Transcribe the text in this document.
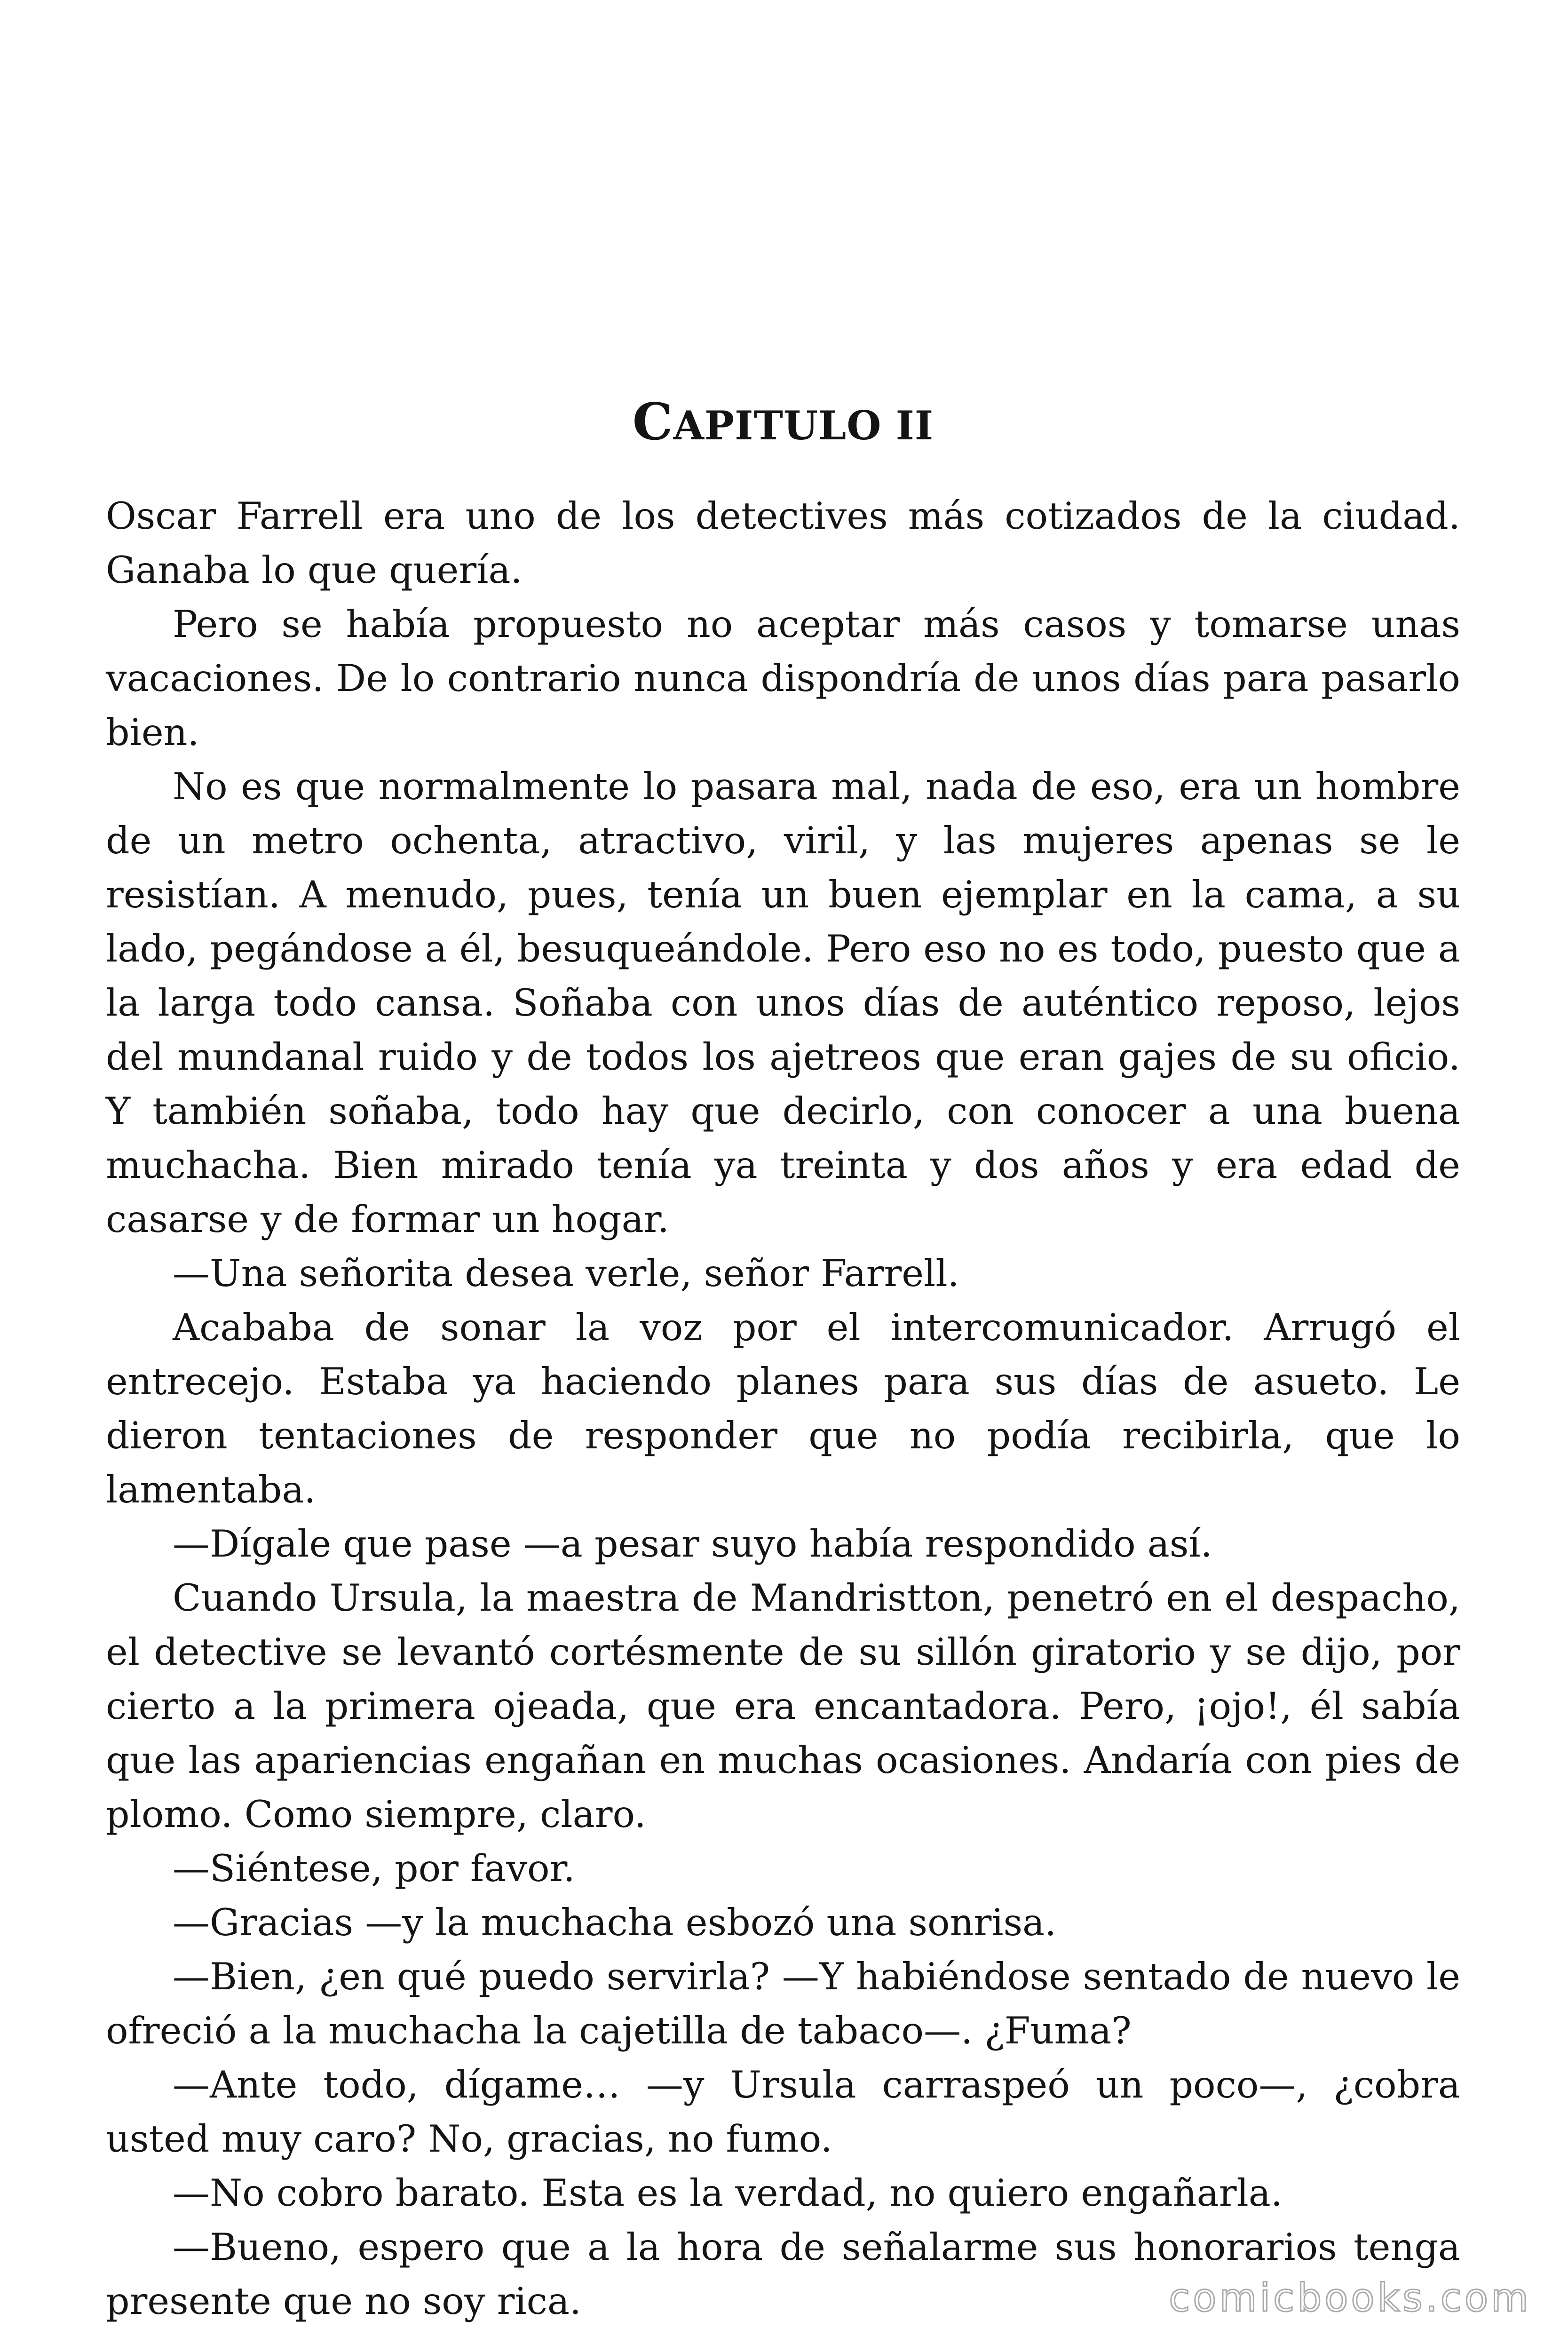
CAPITULO II

Oscar Farrell era uno de los detectives más cotizados de la ciudad. Ganaba lo que quería.

Pero se había propuesto no aceptar más casos y tomarse unas vacaciones. De lo contrario nunca dispondría de unos días para pasarlo bien.

No es que normalmente lo pasara mal, nada de eso, era un hombre de un metro ochenta, atractivo, viril, y las mujeres apenas se le resistían. A menudo, pues, tenía un buen ejemplar en la cama, a su lado, pegándose a él, besuqueándole. Pero eso no es todo, puesto que a la larga todo cansa. Soñaba con unos días de auténtico reposo, lejos del mundanal ruido y de todos los ajetreos que eran gajes de su oficio. Y también soñaba, todo hay que decirlo, con conocer a una buena muchacha. Bien mirado tenía ya treinta y dos años y era edad de casarse y de formar un hogar.

—Una señorita desea verle, señor Farrell.

Acababa de sonar la voz por el intercomunicador. Arrugó el entrecejo. Estaba ya haciendo planes para sus días de asueto. Le dieron tentaciones de responder que no podía recibirla, que lo lamentaba.

—Dígale que pase —a pesar suyo había respondido así.

Cuando Ursula, la maestra de Mandristton, penetró en el despacho, el detective se levantó cortésmente de su sillón giratorio y se dijo, por cierto a la primera ojeada, que era encantadora. Pero, ¡ojo!, él sabía que las apariencias engañan en muchas ocasiones. Andaría con pies de plomo. Como siempre, claro.

—Siéntese, por favor.

—Gracias —y la muchacha esbozó una sonrisa.

—Bien, ¿en qué puedo servirla? —Y habiéndose sentado de nuevo le ofreció a la muchacha la cajetilla de tabaco—. ¿Fuma?

—Ante todo, dígame… —y Ursula carraspeó un poco—, ¿cobra usted muy caro? No, gracias, no fumo.

—No cobro barato. Esta es la verdad, no quiero engañarla.

—Bueno, espero que a la hora de señalarme sus honorarios tenga presente que no soy rica.	comicbooks.com
